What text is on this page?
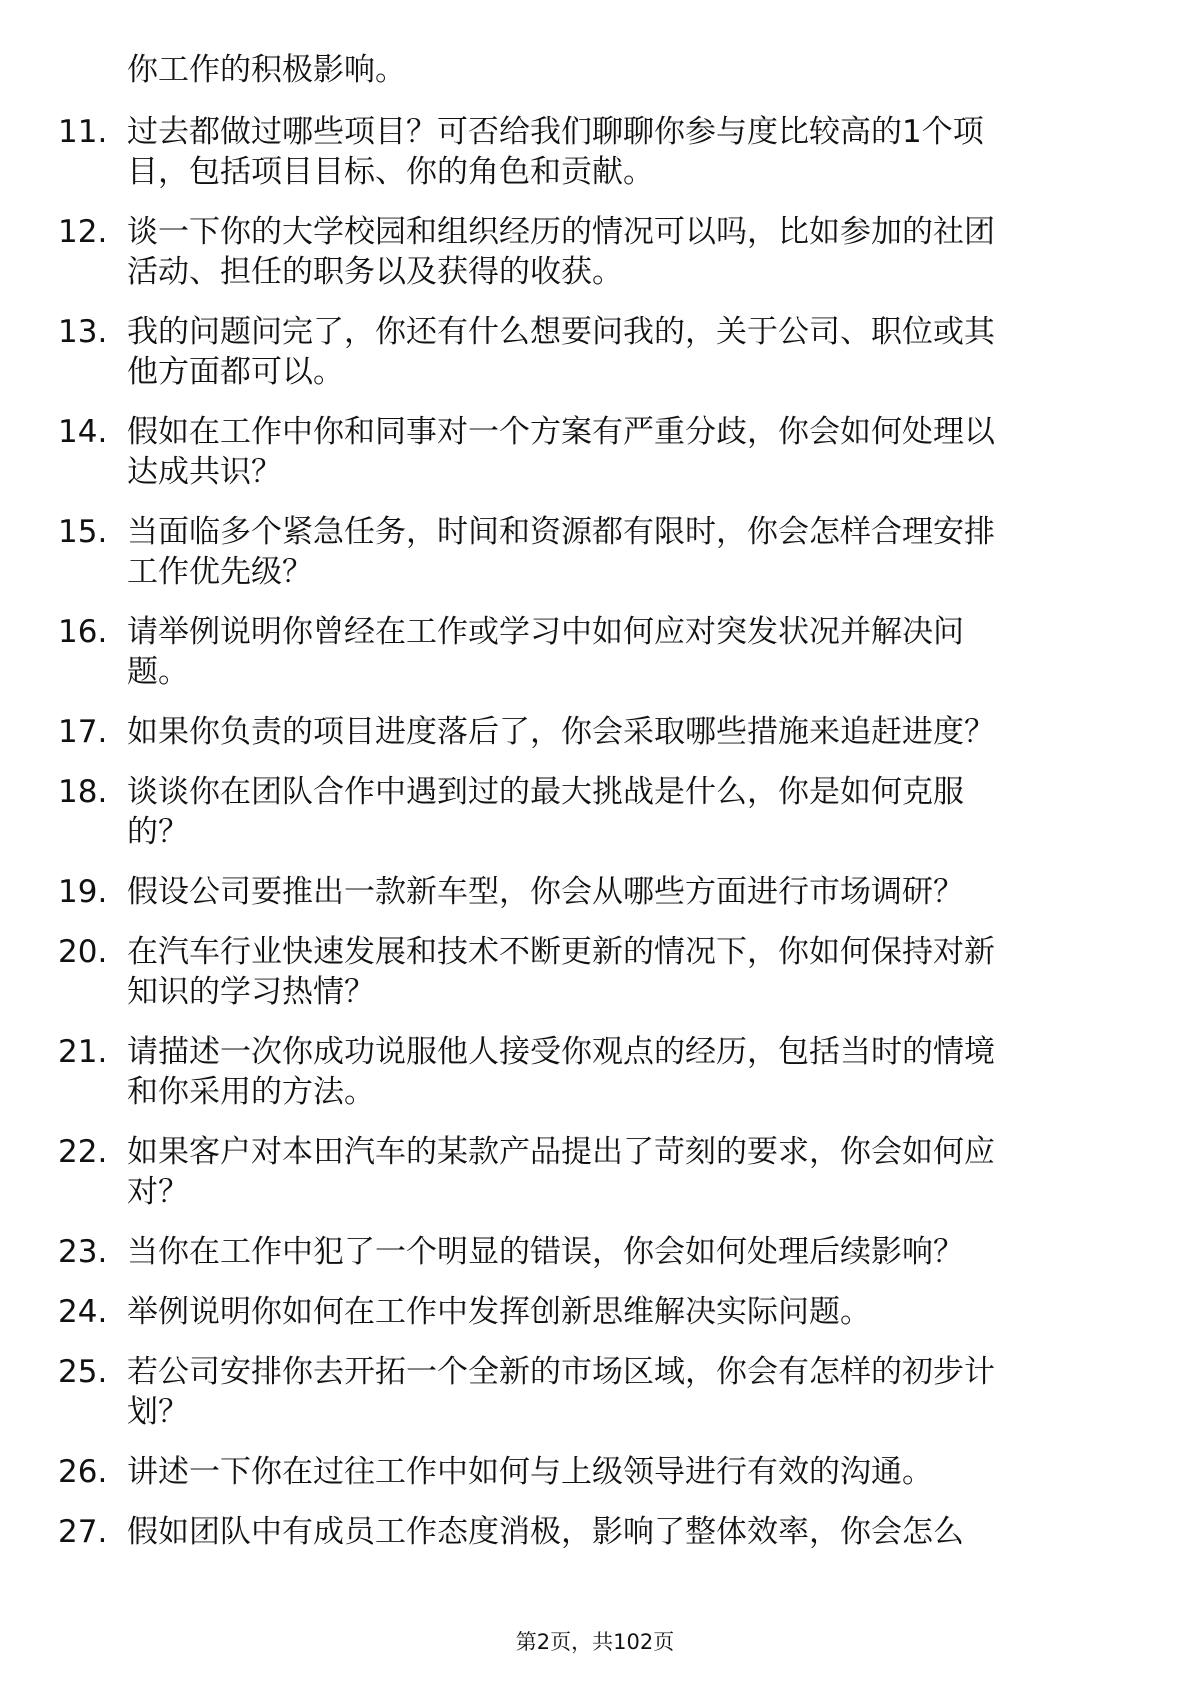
你工作的积极影响。
11. 过去都做过哪些项目？可否给我们聊聊你参与度比较高的1个项
目，包括项目目标、你的角色和贡献。
12. 谈一下你的大学校园和组织经历的情况可以吗，比如参加的社团
活动、担任的职务以及获得的收获。
13. 我的问题问完了，你还有什么想要问我的，关于公司、职位或其
他方面都可以。
14. 假如在工作中你和同事对一个方案有严重分歧，你会如何处理以
达成共识？
15. 当面临多个紧急任务，时间和资源都有限时，你会怎样合理安排
工作优先级？
16. 请举例说明你曾经在工作或学习中如何应对突发状况并解决问
题。
17. 如果你负责的项目进度落后了，你会采取哪些措施来追赶进度？
18. 谈谈你在团队合作中遇到过的最大挑战是什么，你是如何克服
的？
19. 假设公司要推出一款新车型，你会从哪些方面进行市场调研？
20. 在汽车行业快速发展和技术不断更新的情况下，你如何保持对新
知识的学习热情？
21. 请描述一次你成功说服他人接受你观点的经历，包括当时的情境
和你采用的方法。
22. 如果客户对本田汽车的某款产品提出了苛刻的要求，你会如何应
对？
23. 当你在工作中犯了一个明显的错误，你会如何处理后续影响？
24. 举例说明你如何在工作中发挥创新思维解决实际问题。
25. 若公司安排你去开拓一个全新的市场区域，你会有怎样的初步计
划？
26. 讲述一下你在过往工作中如何与上级领导进行有效的沟通。
27. 假如团队中有成员工作态度消极，影响了整体效率，你会怎么
第2页，共102页
